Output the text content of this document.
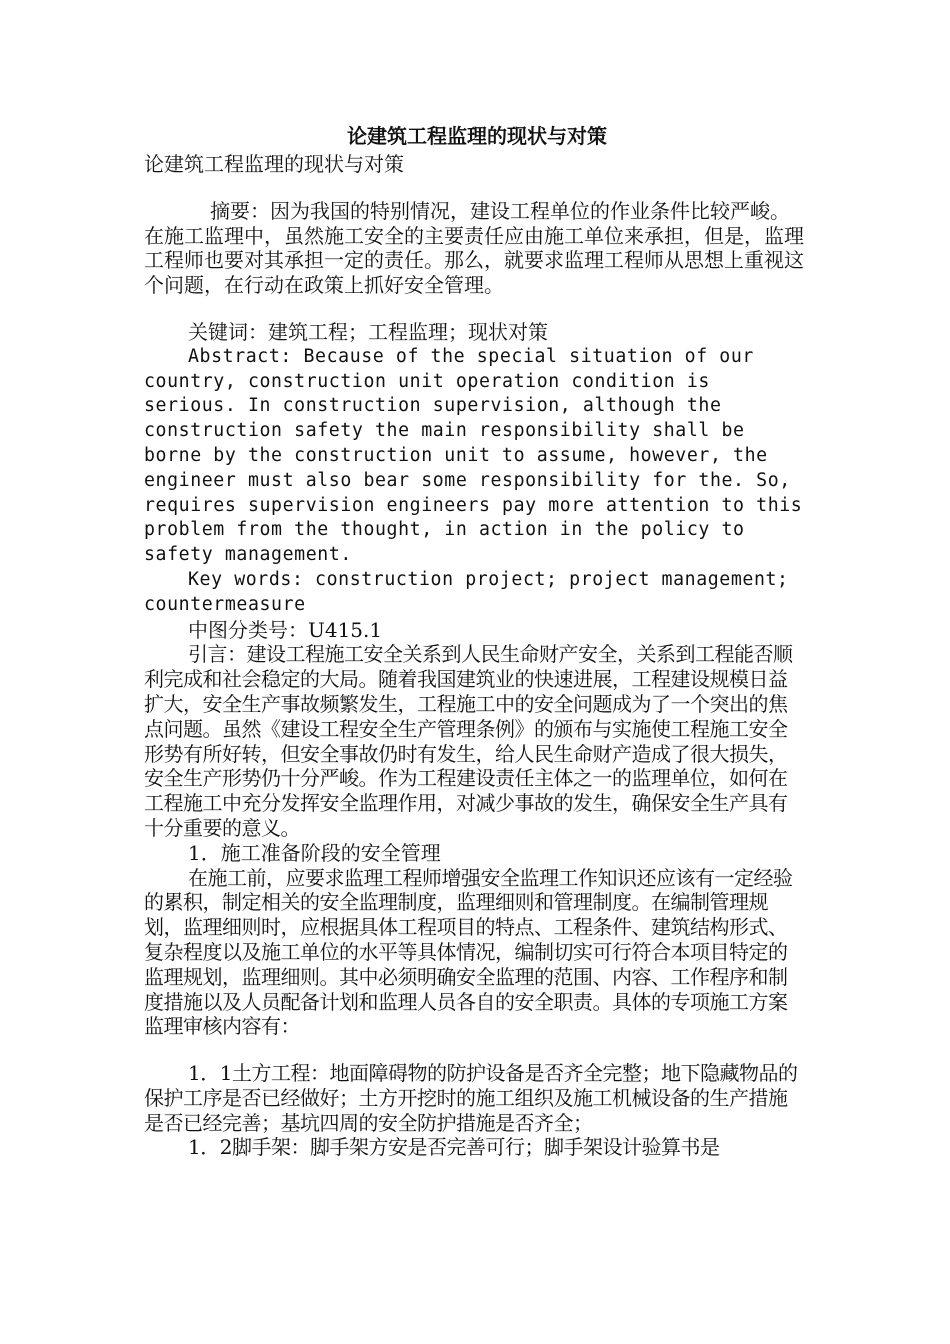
论建筑工程监理的现状与对策

论建筑工程监理的现状与对策

摘要：因为我国的特别情况，建设工程单位的作业条件比较严峻。在施工监理中，虽然施工安全的主要责任应由施工单位来承担，但是，监理工程师也要对其承担一定的责任。那么，就要求监理工程师从思想上重视这个问题，在行动在政策上抓好安全管理。

关键词：建筑工程；工程监理；现状对策

Abstract: Because of the special situation of our country, construction unit operation condition is serious. In construction supervision, although the construction safety the main responsibility shall be borne by the construction unit to assume, however, the engineer must also bear some responsibility for the. So, requires supervision engineers pay more attention to this problem from the thought, in action in the policy to safety management.

Key words: construction project; project management; countermeasure

中图分类号：U415.1

引言：建设工程施工安全关系到人民生命财产安全，关系到工程能否顺利完成和社会稳定的大局。随着我国建筑业的快速进展，工程建设规模日益扩大，安全生产事故频繁发生，工程施工中的安全问题成为了一个突出的焦点问题。虽然《建设工程安全生产管理条例》的颁布与实施使工程施工安全形势有所好转，但安全事故仍时有发生，给人民生命财产造成了很大损失，安全生产形势仍十分严峻。作为工程建设责任主体之一的监理单位，如何在工程施工中充分发挥安全监理作用，对减少事故的发生，确保安全生产具有十分重要的意义。

1．施工准备阶段的安全管理

在施工前，应要求监理工程师增强安全监理工作知识还应该有一定经验的累积，制定相关的安全监理制度，监理细则和管理制度。在编制管理规划，监理细则时，应根据具体工程项目的特点、工程条件、建筑结构形式、复杂程度以及施工单位的水平等具体情况，编制切实可行符合本项目特定的监理规划，监理细则。其中必须明确安全监理的范围、内容、工作程序和制度措施以及人员配备计划和监理人员各自的安全职责。具体的专项施工方案监理审核内容有：

1．1土方工程：地面障碍物的防护设备是否齐全完整；地下隐藏物品的保护工序是否已经做好；土方开挖时的施工组织及施工机械设备的生产措施是否已经完善；基坑四周的安全防护措施是否齐全；

1．2脚手架：脚手架方安是否完善可行；脚手架设计验算书是
